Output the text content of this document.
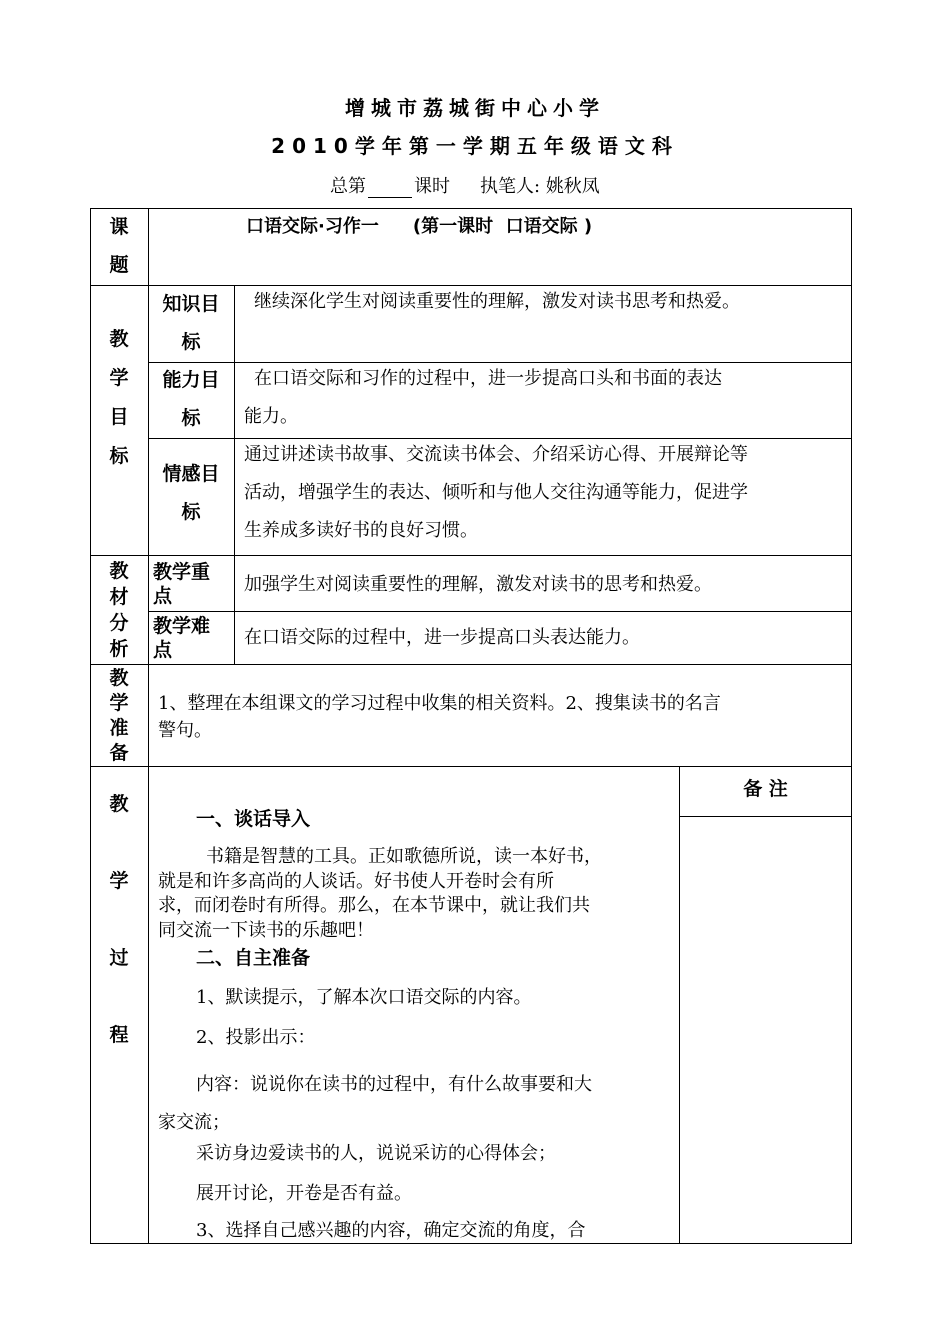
增城市荔城街中心小学
2010学年第一学期五年级语文科
总第	课时 执笔人: 姚秋凤
课
题
口语交际·习作一 (第一课时  口语交际 )
教
学
目
标
知识目
标
继续深化学生对阅读重要性的理解，激发对读书思考和热爱。
能力目
标
在口语交际和习作的过程中，进一步提高口头和书面的表达
能力。
情感目
标
通过讲述读书故事、交流读书体会、介绍采访心得、开展辩论等
活动，增强学生的表达、倾听和与他人交往沟通等能力，促进学
生养成多读好书的良好习惯。
教
材
分
析
教学重
点
加强学生对阅读重要性的理解，激发对读书的思考和热爱。
教学难
点
在口语交际的过程中，进一步提高口头表达能力。
教
学
准
备
1、整理在本组课文的学习过程中收集的相关资料。2、搜集读书的名言
警句。
教
学
过
程
备 注
一、谈话导入
书籍是智慧的工具。正如歌德所说，读一本好书，
就是和许多高尚的人谈话。好书使人开卷时会有所
求，而闭卷时有所得。那么，在本节课中，就让我们共
同交流一下读书的乐趣吧！
二、自主准备
1、默读提示，了解本次口语交际的内容。
2、投影出示：
内容：说说你在读书的过程中，有什么故事要和大
家交流；
采访身边爱读书的人，说说采访的心得体会；
展开讨论，开卷是否有益。
3、选择自己感兴趣的内容，确定交流的角度，合
